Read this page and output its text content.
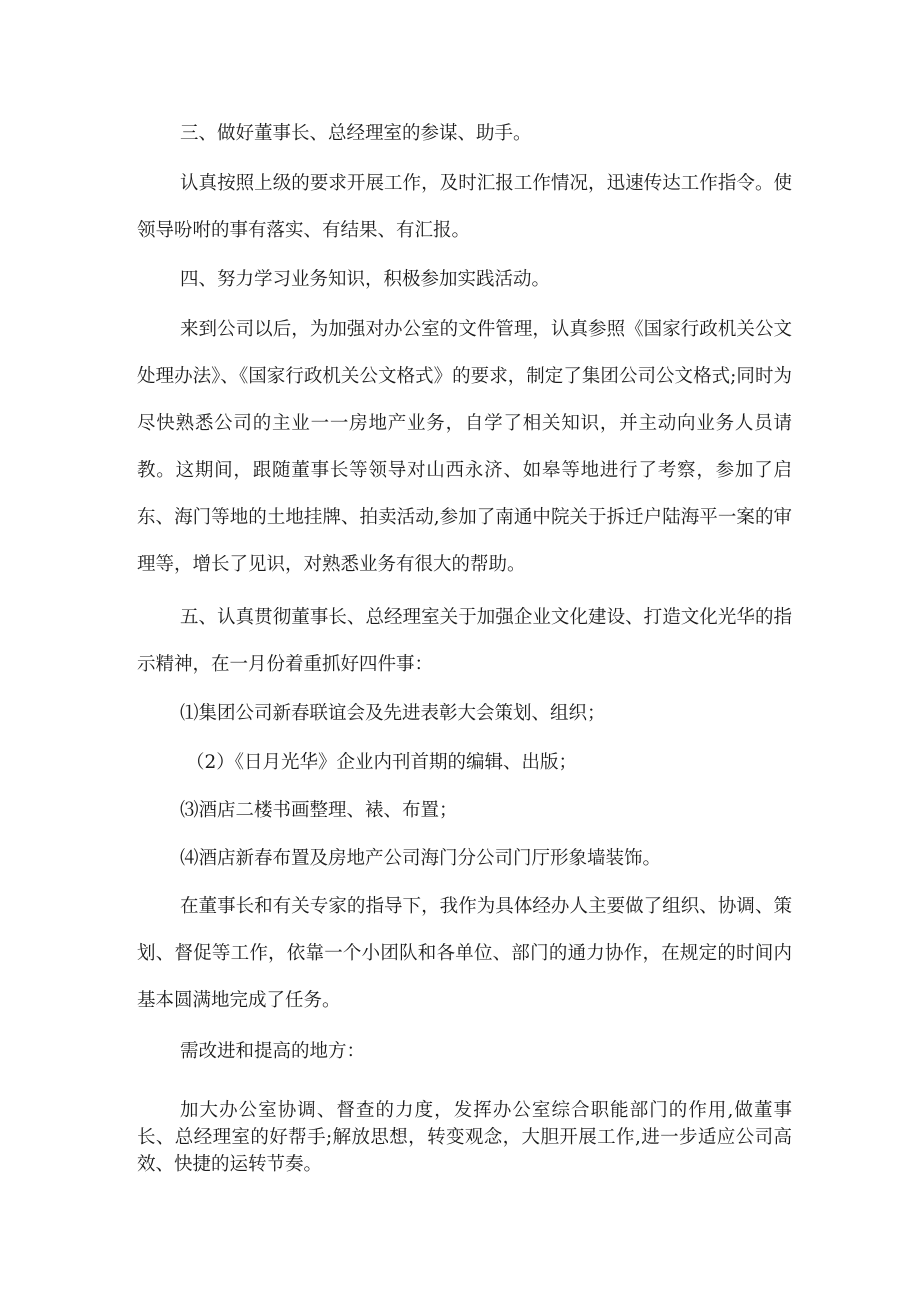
三、做好董事长、总经理室的参谋、助手。

认真按照上级的要求开展工作，及时汇报工作情况，迅速传达工作指令。使领导吩咐的事有落实、有结果、有汇报。

四、努力学习业务知识，积极参加实践活动。

来到公司以后，为加强对办公室的文件管理，认真参照《国家行政机关公文处理办法》、《国家行政机关公文格式》的要求，制定了集团公司公文格式;同时为尽快熟悉公司的主业一一房地产业务，自学了相关知识，并主动向业务人员请教。这期间，跟随董事长等领导对山西永济、如皋等地进行了考察，参加了启东、海门等地的土地挂牌、拍卖活动,参加了南通中院关于拆迁户陆海平一案的审理等，增长了见识，对熟悉业务有很大的帮助。

五、认真贯彻董事长、总经理室关于加强企业文化建设、打造文化光华的指示精神，在一月份着重抓好四件事：

⑴集团公司新春联谊会及先进表彰大会策划、组织；

（2）《日月光华》企业内刊首期的编辑、出版；

⑶酒店二楼书画整理、裱、布置；

⑷酒店新春布置及房地产公司海门分公司门厅形象墙装饰。

在董事长和有关专家的指导下，我作为具体经办人主要做了组织、协调、策划、督促等工作，依靠一个小团队和各单位、部门的通力协作，在规定的时间内基本圆满地完成了任务。

需改进和提高的地方：

加大办公室协调、督查的力度，发挥办公室综合职能部门的作用,做董事长、总经理室的好帮手;解放思想，转变观念，大胆开展工作,进一步适应公司高效、快捷的运转节奏。
